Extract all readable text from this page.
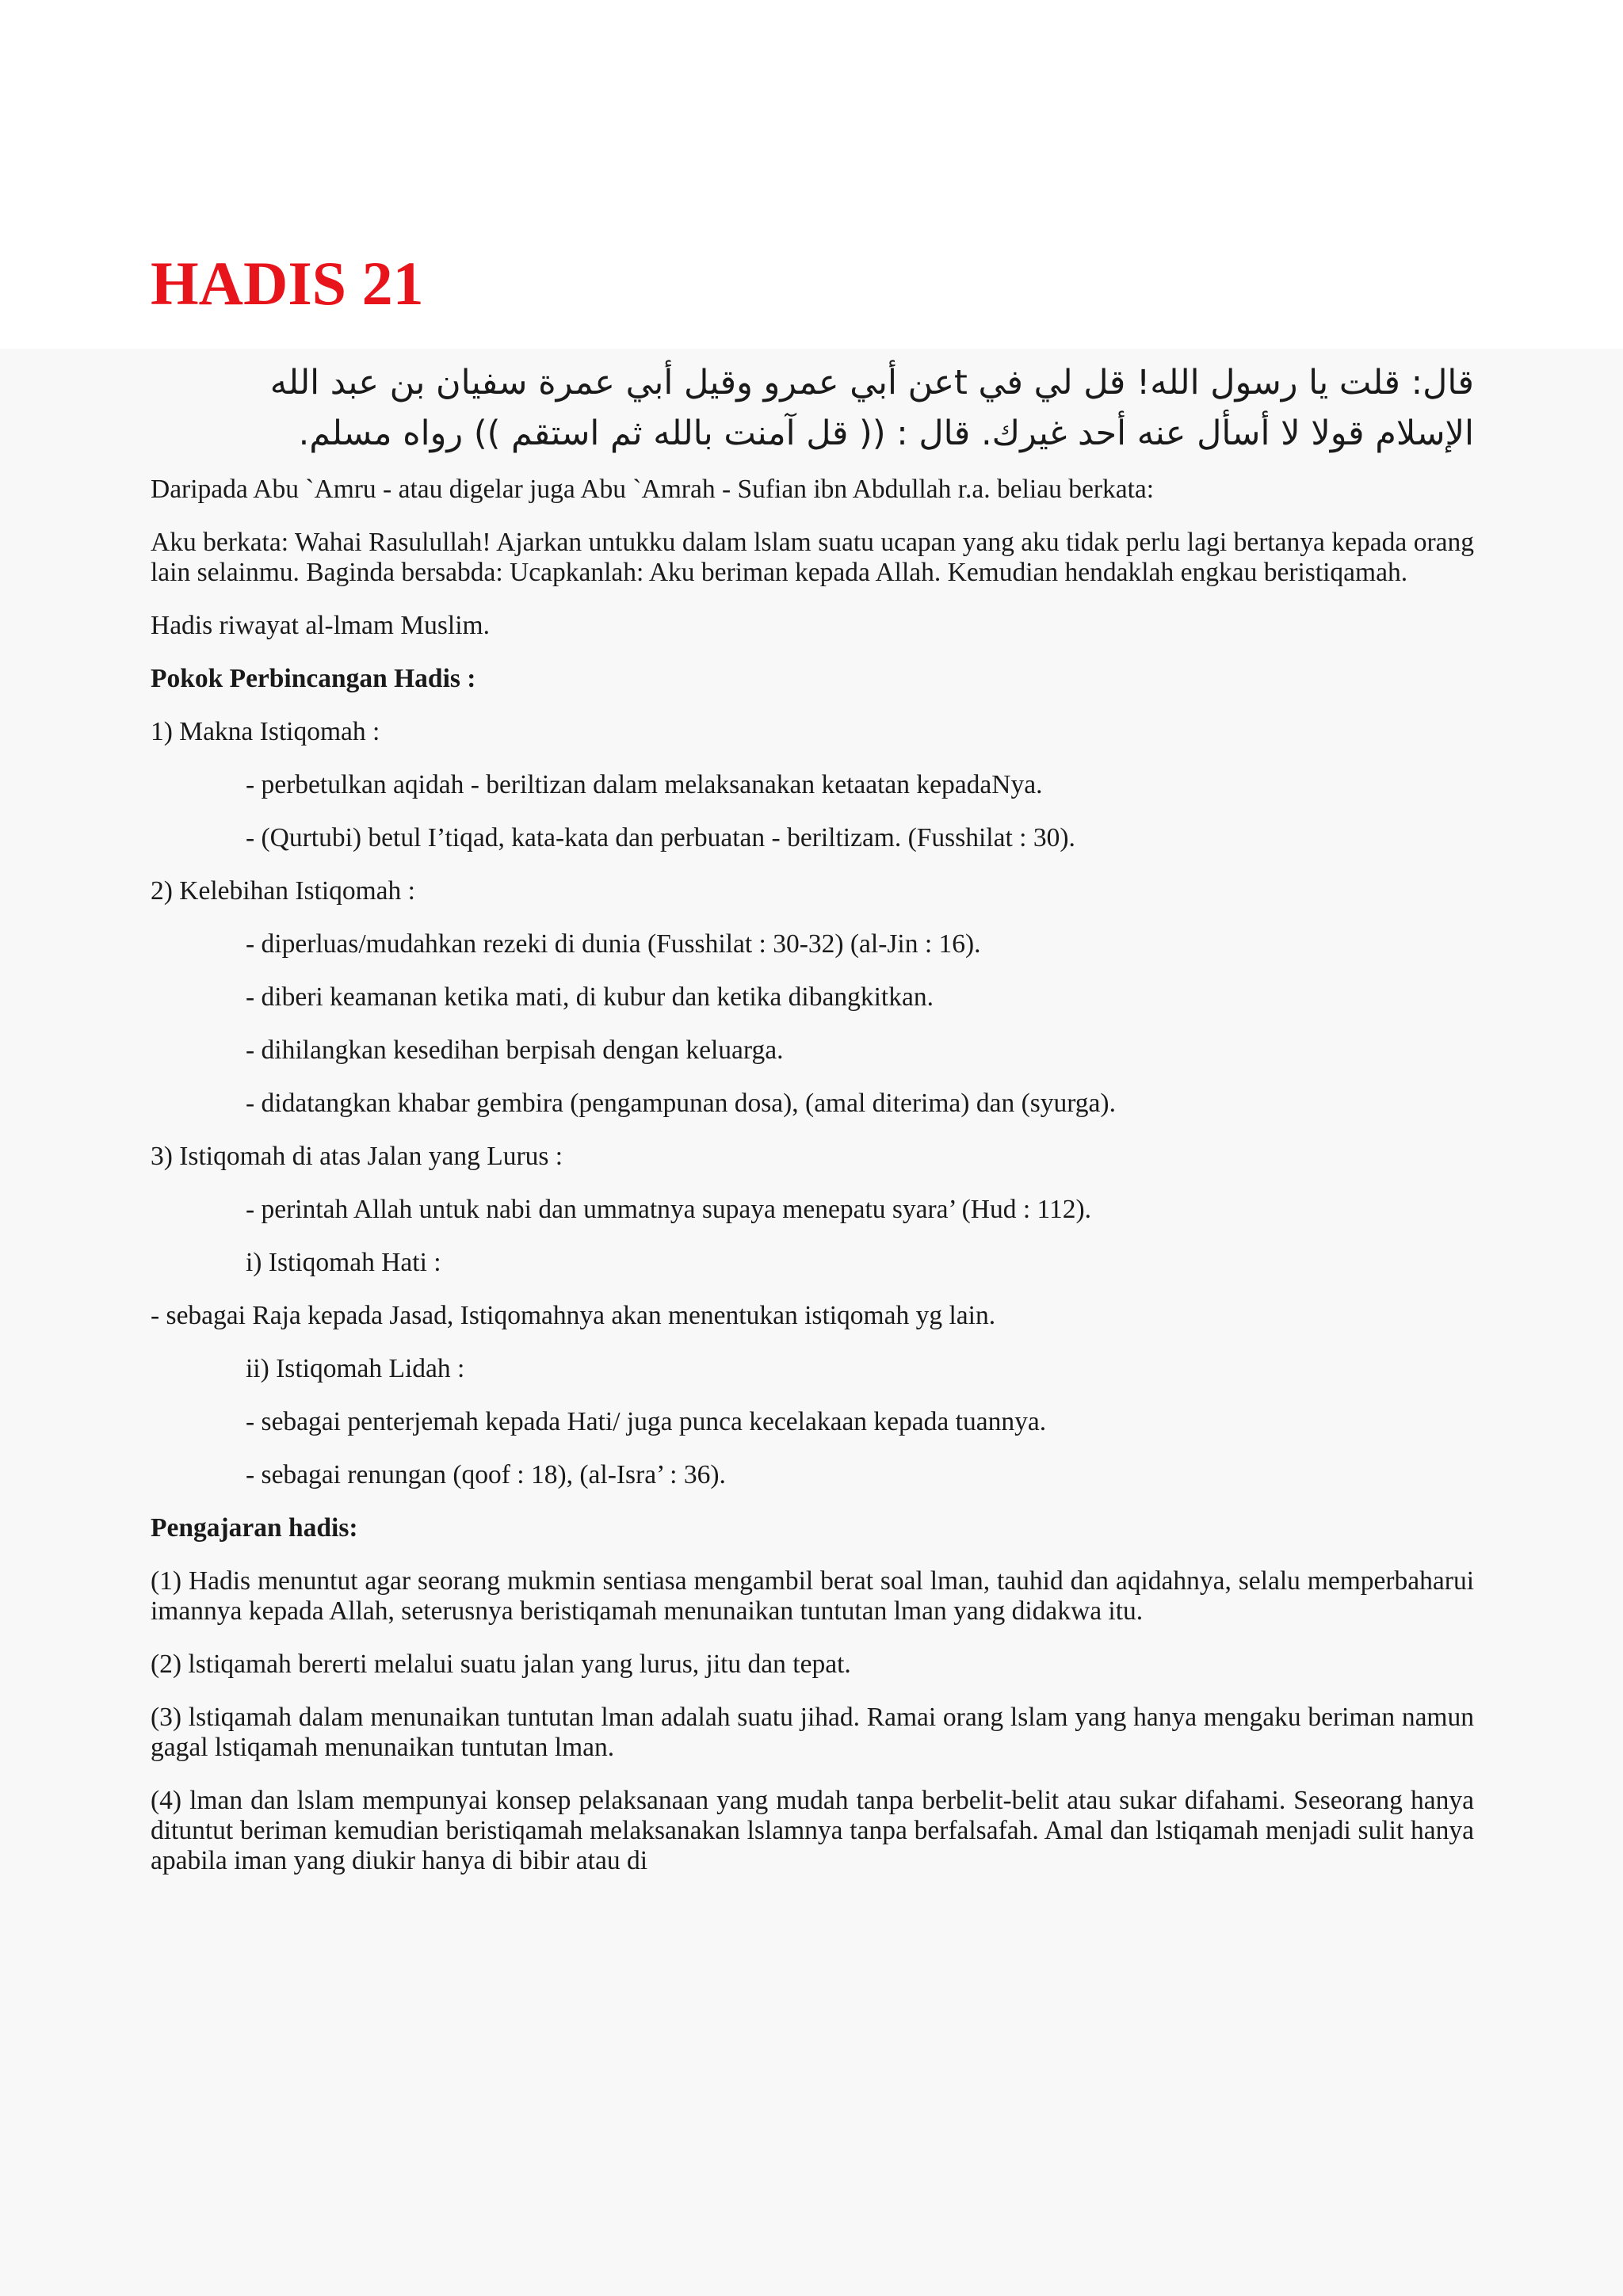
HADIS 21
قال: قلت يا رسول الله! قل لي في tعن أبي عمرو وقيل أبي عمرة سفيان بن عبد الله
الإسلام قولا لا أسأل عنه أحد غيرك. قال : (( قل آمنت بالله ثم استقم )) رواه مسلم.

Daripada Abu `Amru - atau digelar juga Abu `Amrah - Sufian ibn Abdullah r.a. beliau berkata:

Aku berkata: Wahai Rasulullah! Ajarkan untukku dalam lslam suatu ucapan yang aku tidak perlu lagi bertanya kepada orang lain selainmu. Baginda bersabda: Ucapkanlah: Aku beriman kepada Allah. Kemudian hendaklah engkau beristiqamah.

Hadis riwayat al-lmam Muslim.

Pokok Perbincangan Hadis :

1) Makna Istiqomah :

- perbetulkan aqidah - beriltizan dalam melaksanakan ketaatan kepadaNya.

- (Qurtubi) betul I’tiqad, kata-kata dan perbuatan - beriltizam. (Fusshilat : 30).

2) Kelebihan Istiqomah :

- diperluas/mudahkan rezeki di dunia (Fusshilat : 30-32) (al-Jin : 16).

- diberi keamanan ketika mati, di kubur dan ketika dibangkitkan.

- dihilangkan kesedihan berpisah dengan keluarga.

- didatangkan khabar gembira (pengampunan dosa), (amal diterima) dan (syurga).

3) Istiqomah di atas Jalan yang Lurus :

- perintah Allah untuk nabi dan ummatnya supaya menepatu syara’ (Hud : 112).

i) Istiqomah Hati :

- sebagai Raja kepada Jasad, Istiqomahnya akan menentukan istiqomah yg lain.

ii) Istiqomah Lidah :

- sebagai penterjemah kepada Hati/ juga punca kecelakaan kepada tuannya.

- sebagai renungan (qoof : 18), (al-Isra’ : 36).

Pengajaran hadis:

(1) Hadis menuntut agar seorang mukmin sentiasa mengambil berat soal lman, tauhid dan aqidahnya, selalu memperbaharui imannya kepada Allah, seterusnya beristiqamah menunaikan tuntutan lman yang didakwa itu.

(2) lstiqamah bererti melalui suatu jalan yang lurus, jitu dan tepat.

(3) lstiqamah dalam menunaikan tuntutan lman adalah suatu jihad. Ramai orang lslam yang hanya mengaku beriman namun gagal lstiqamah menunaikan tuntutan lman.

(4) lman dan lslam mempunyai konsep pelaksanaan yang mudah tanpa berbelit-belit atau sukar difahami. Seseorang hanya dituntut beriman kemudian beristiqamah melaksanakan lslamnya tanpa berfalsafah. Amal dan lstiqamah menjadi sulit hanya apabila iman yang diukir hanya di bibir atau di
